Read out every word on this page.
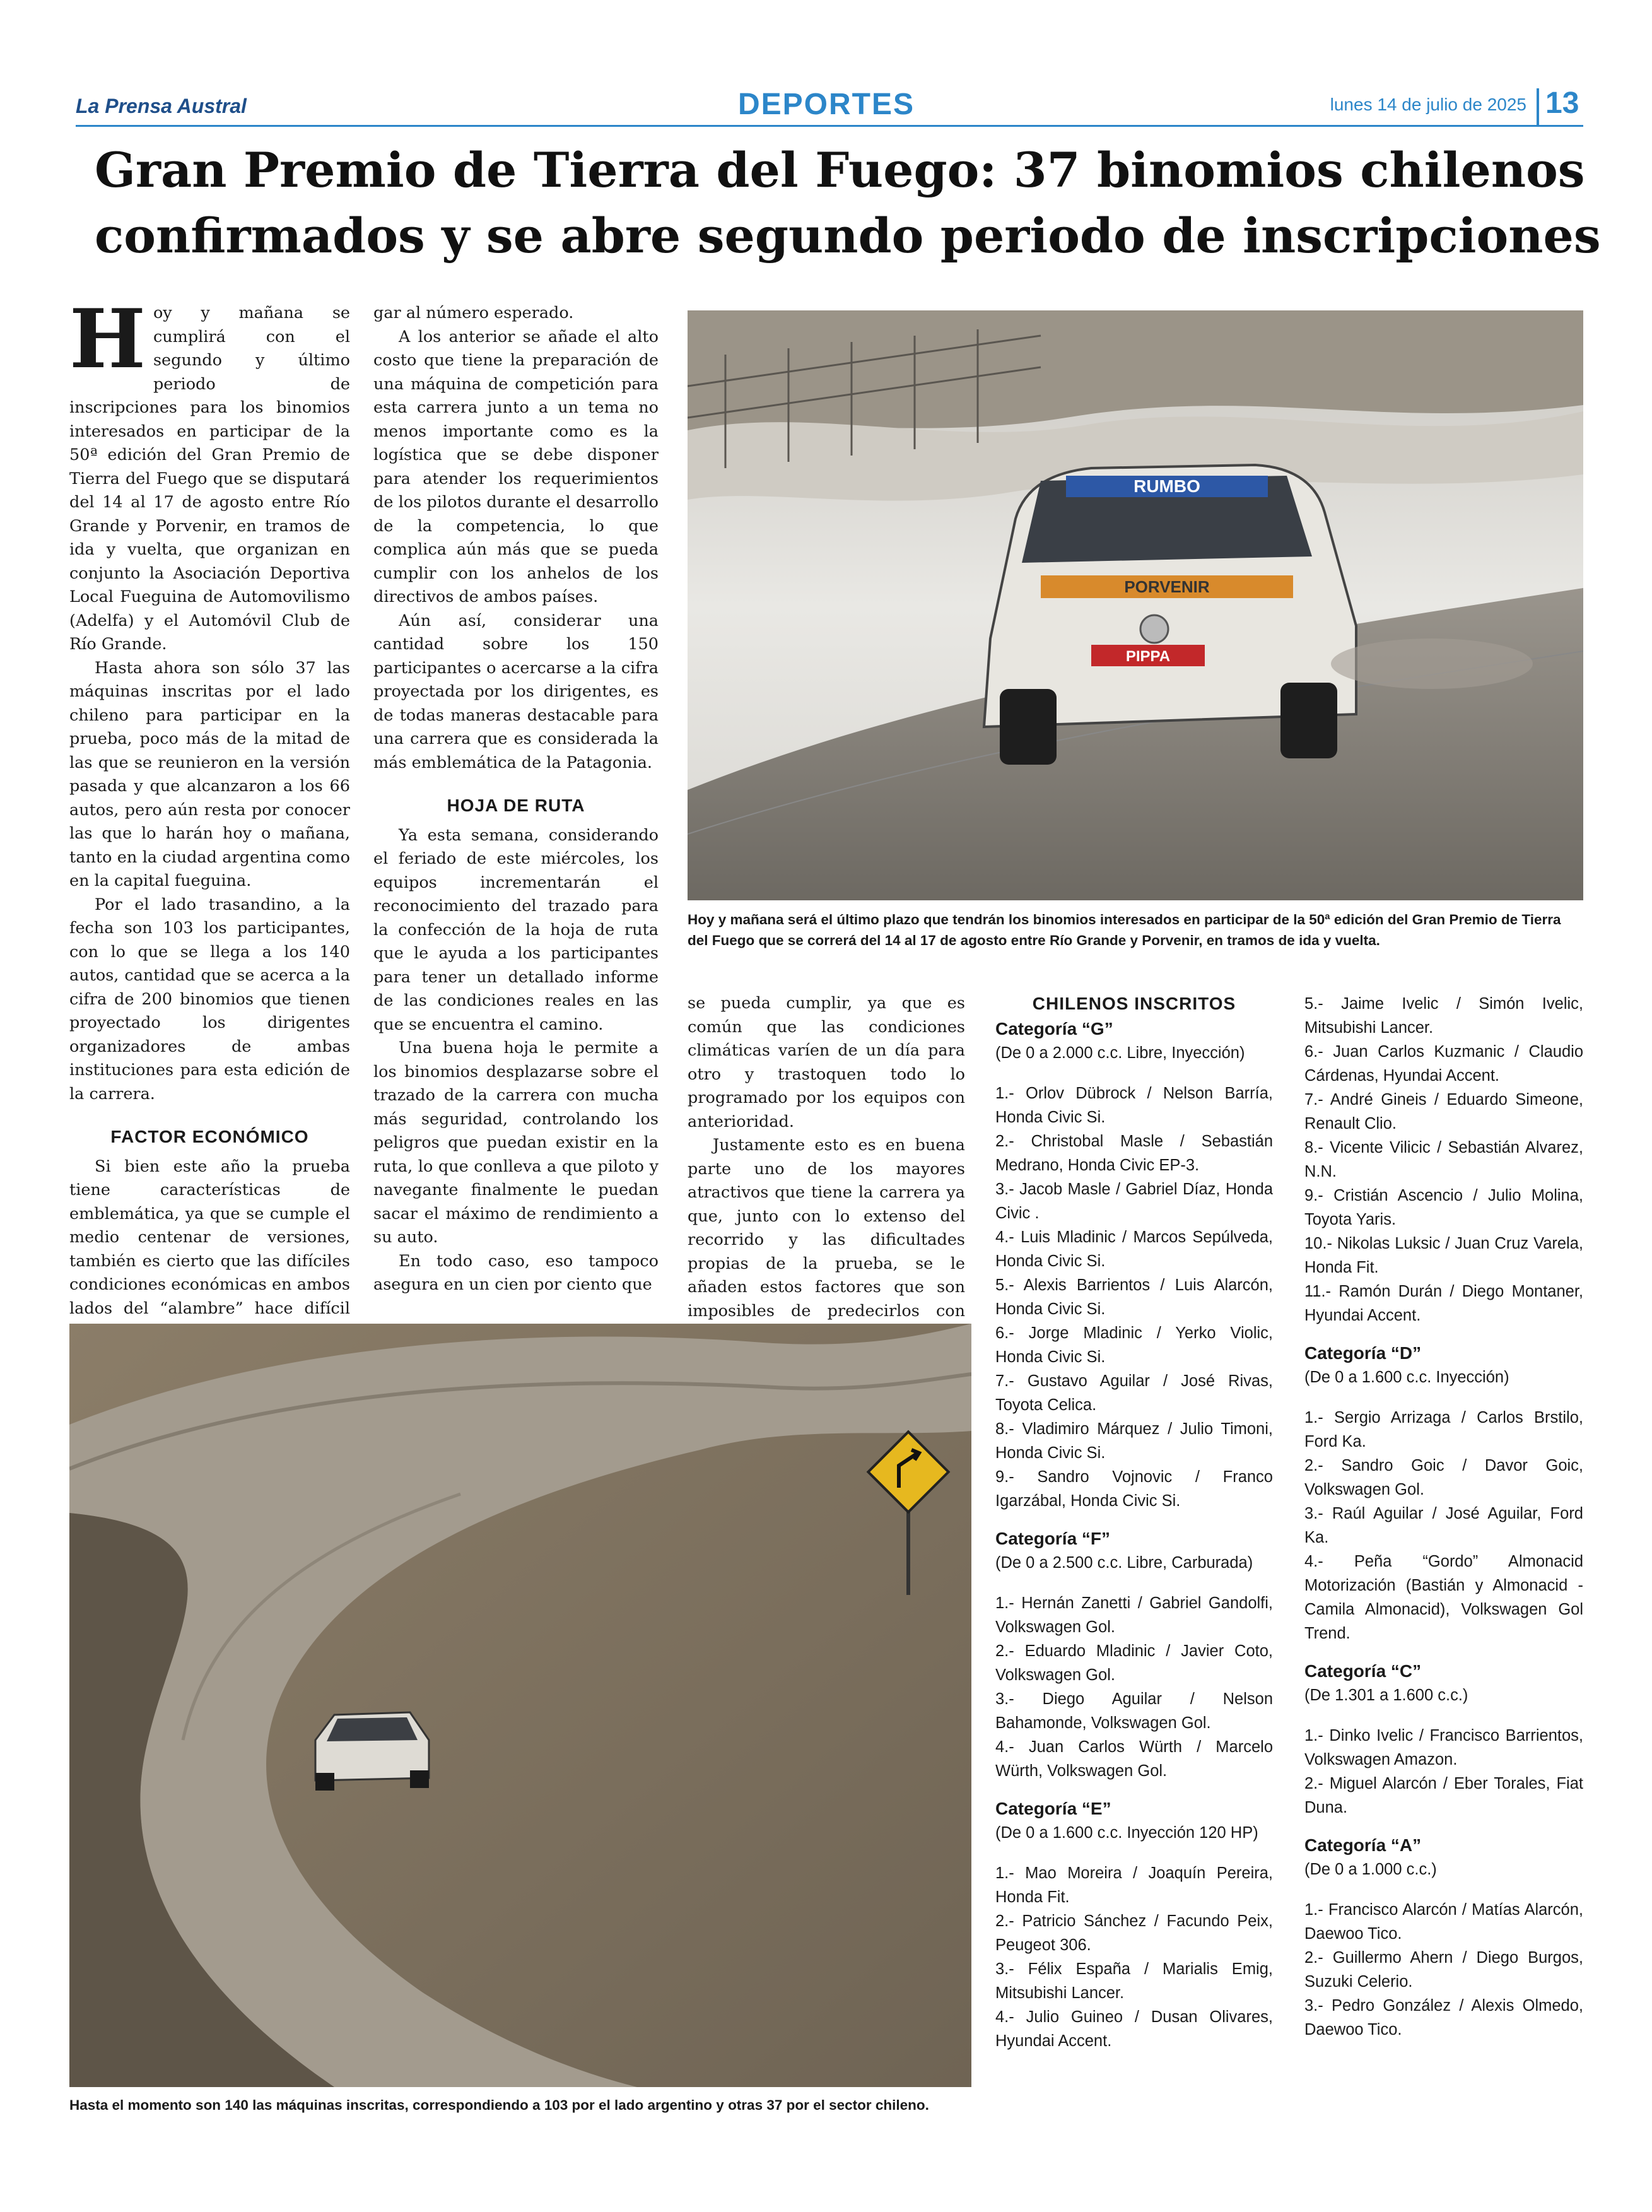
La Prensa Austral	DEPORTES	lunes 14 de julio de 2025 13
Gran Premio de Tierra del Fuego: 37 binomios chilenos
confirmados y se abre segundo periodo de inscripciones

Hoy y mañana se cumplirá con el segundo y último periodo de inscripciones para los binomios interesados en participar de la 50ª edición del Gran Premio de Tierra del Fuego que se disputará del 14 al 17 de agosto entre Río Grande y Porvenir, en tramos de ida y vuelta, que organizan en conjunto la Asociación Deportiva Local Fueguina de Automovilismo (Adelfa) y el Automóvil Club de Río Grande.

Hasta ahora son sólo 37 las máquinas inscritas por el lado chileno para participar en la prueba, poco más de la mitad de las que se reunieron en la versión pasada y que alcanzaron a los 66 autos, pero aún resta por conocer las que lo harán hoy o mañana, tanto en la ciudad argentina como en la capital fueguina.

Por el lado trasandino, a la fecha son 103 los participantes, con lo que se llega a los 140 autos, cantidad que se acerca a la cifra de 200 binomios que tienen proyectado los dirigentes organizadores de ambas instituciones para esta edición de la carrera.

FACTOR ECONÓMICO

Si bien este año la prueba tiene características de emblemática, ya que se cumple el medio centenar de versiones, también es cierto que las difíciles condiciones económicas en ambos lados del “alambre” hace difícil

gar al número esperado.

A los anterior se añade el alto costo que tiene la preparación de una máquina de competición para esta carrera junto a un tema no menos importante como es la logística que se debe disponer para atender los requerimientos de los pilotos durante el desarrollo de la competencia, lo que complica aún más que se pueda cumplir con los anhelos de los directivos de ambos países.

Aún así, considerar una cantidad sobre los 150 participantes o acercarse a la cifra proyectada por los dirigentes, es de todas maneras destacable para una carrera que es considerada la más emblemática de la Patagonia.

HOJA DE RUTA

Ya esta semana, considerando el feriado de este miércoles, los equipos incrementarán el reconocimiento del trazado para la confección de la hoja de ruta que le ayuda a los participantes para tener un detallado informe de las condiciones reales en las que se encuentra el camino.

Una buena hoja le permite a los binomios desplazarse sobre el trazado de la carrera con mucha más seguridad, controlando los peligros que puedan existir en la ruta, lo que conlleva a que piloto y navegante finalmente le puedan sacar el máximo de rendimiento a su auto.

En todo caso, eso tampoco asegura en un cien por ciento que

RUMBO
PORVENIR
PIPPA
Hoy y mañana será el último plazo que tendrán los binomios interesados en participar de la 50ª edición del Gran Premio de Tierra del Fuego que se correrá del 14 al 17 de agosto entre Río Grande y Porvenir, en tramos de ida y vuelta.

se pueda cumplir, ya que es común que las condiciones climáticas varíen de un día para otro y trastoquen todo lo programado por los equipos con anterioridad.

Justamente esto es en buena parte uno de los mayores atractivos que tiene la carrera ya que, junto con lo extenso del recorrido y las dificultades propias de la prueba, se le añaden estos factores que son imposibles de predecirlos con

Hasta el momento son 140 las máquinas inscritas, correspondiendo a 103 por el lado argentino y otras 37 por el sector chileno.
CHILENOS INSCRITOS
Categoría “G”
(De 0 a 2.000 c.c. Libre, Inyección)
1.- Orlov Dübrock / Nelson Barría, Honda Civic Si.
2.- Christobal Masle / Sebastián Medrano, Honda Civic EP-3.
3.- Jacob Masle / Gabriel Díaz, Honda Civic .
4.- Luis Mladinic / Marcos Sepúlveda, Honda Civic Si.
5.- Alexis Barrientos / Luis Alarcón, Honda Civic Si.
6.- Jorge Mladinic / Yerko Violic, Honda Civic Si.
7.- Gustavo Aguilar / José Rivas, Toyota Celica.
8.- Vladimiro Márquez / Julio Timoni, Honda Civic Si.
9.- Sandro Vojnovic / Franco Igarzábal, Honda Civic Si.
Categoría “F”
(De 0 a 2.500 c.c. Libre, Carburada)
1.- Hernán Zanetti / Gabriel Gandolfi, Volkswagen Gol.
2.- Eduardo Mladinic / Javier Coto, Volkswagen Gol.
3.- Diego Aguilar / Nelson Bahamonde, Volkswagen Gol.
4.- Juan Carlos Würth / Marcelo Würth, Volkswagen Gol.
Categoría “E”
(De 0 a 1.600 c.c. Inyección 120 HP)
1.- Mao Moreira / Joaquín Pereira, Honda Fit.
2.- Patricio Sánchez / Facundo Peix, Peugeot 306.
3.- Félix España / Marialis Emig, Mitsubishi Lancer.
4.- Julio Guineo / Dusan Olivares, Hyundai Accent.
5.- Jaime Ivelic / Simón Ivelic, Mitsubishi Lancer.
6.- Juan Carlos Kuzmanic / Claudio Cárdenas, Hyundai Accent.
7.- André Gineis / Eduardo Simeone, Renault Clio.
8.- Vicente Vilicic / Sebastián Alvarez, N.N.
9.- Cristián Ascencio / Julio Molina, Toyota Yaris.
10.- Nikolas Luksic / Juan Cruz Varela, Honda Fit.
11.- Ramón Durán / Diego Montaner, Hyundai Accent.
Categoría “D”
(De 0 a 1.600 c.c. Inyección)
1.- Sergio Arrizaga / Carlos Brstilo, Ford Ka.
2.- Sandro Goic / Davor Goic, Volkswagen Gol.
3.- Raúl Aguilar / José Aguilar, Ford Ka.
4.- Peña “Gordo” Almonacid Motorización (Bastián y Almonacid - Camila Almonacid), Volkswagen Gol Trend.
Categoría “C”
(De 1.301 a 1.600 c.c.)
1.- Dinko Ivelic / Francisco Barrientos, Volkswagen Amazon.
2.- Miguel Alarcón / Eber Torales, Fiat Duna.
Categoría “A”
(De 0 a 1.000 c.c.)
1.- Francisco Alarcón / Matías Alarcón, Daewoo Tico.
2.- Guillermo Ahern / Diego Burgos, Suzuki Celerio.
3.- Pedro González / Alexis Olmedo, Daewoo Tico.
